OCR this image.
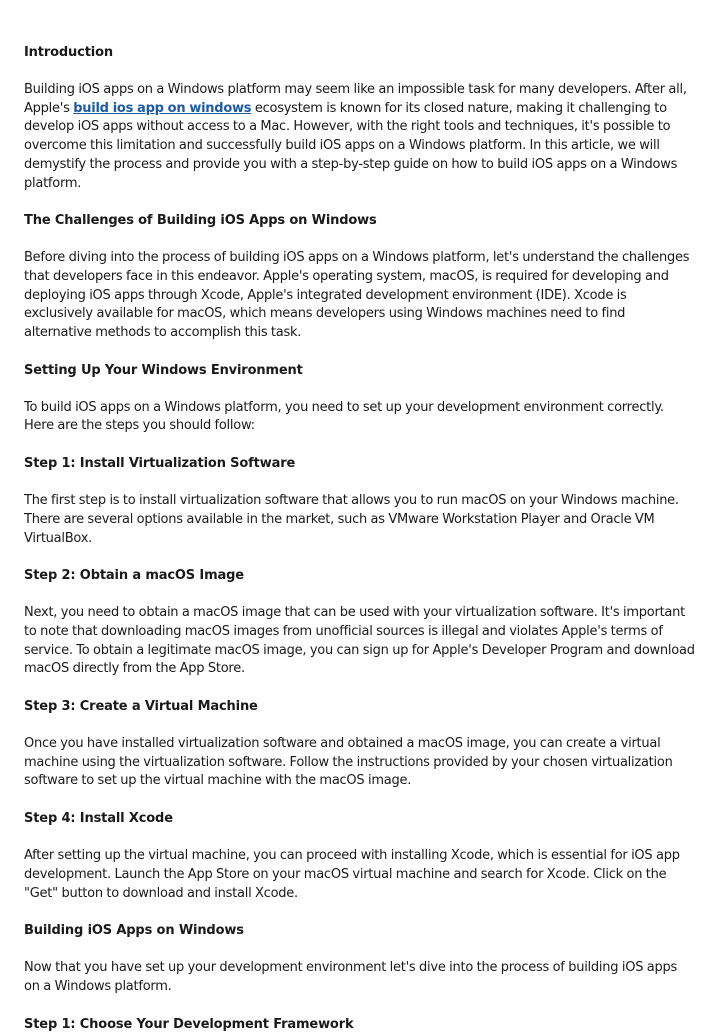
Introduction

Building iOS apps on a Windows platform may seem like an impossible task for many developers. After all, Apple's build ios app on windows ecosystem is known for its closed nature, making it challenging to develop iOS apps without access to a Mac. However, with the right tools and techniques, it's possible to overcome this limitation and successfully build iOS apps on a Windows platform. In this article, we will demystify the process and provide you with a step-by-step guide on how to build iOS apps on a Windows platform.

The Challenges of Building iOS Apps on Windows

Before diving into the process of building iOS apps on a Windows platform, let's understand the challenges that developers face in this endeavor. Apple's operating system, macOS, is required for developing and deploying iOS apps through Xcode, Apple's integrated development environment (IDE). Xcode is exclusively available for macOS, which means developers using Windows machines need to find alternative methods to accomplish this task.

Setting Up Your Windows Environment

To build iOS apps on a Windows platform, you need to set up your development environment correctly. Here are the steps you should follow:

Step 1: Install Virtualization Software

The first step is to install virtualization software that allows you to run macOS on your Windows machine. There are several options available in the market, such as VMware Workstation Player and Oracle VM VirtualBox.

Step 2: Obtain a macOS Image

Next, you need to obtain a macOS image that can be used with your virtualization software. It's important to note that downloading macOS images from unofficial sources is illegal and violates Apple's terms of service. To obtain a legitimate macOS image, you can sign up for Apple's Developer Program and download macOS directly from the App Store.

Step 3: Create a Virtual Machine

Once you have installed virtualization software and obtained a macOS image, you can create a virtual machine using the virtualization software. Follow the instructions provided by your chosen virtualization software to set up the virtual machine with the macOS image.

Step 4: Install Xcode

After setting up the virtual machine, you can proceed with installing Xcode, which is essential for iOS app development. Launch the App Store on your macOS virtual machine and search for Xcode. Click on the "Get" button to download and install Xcode.

Building iOS Apps on Windows

Now that you have set up your development environment let's dive into the process of building iOS apps on a Windows platform.

Step 1: Choose Your Development Framework
